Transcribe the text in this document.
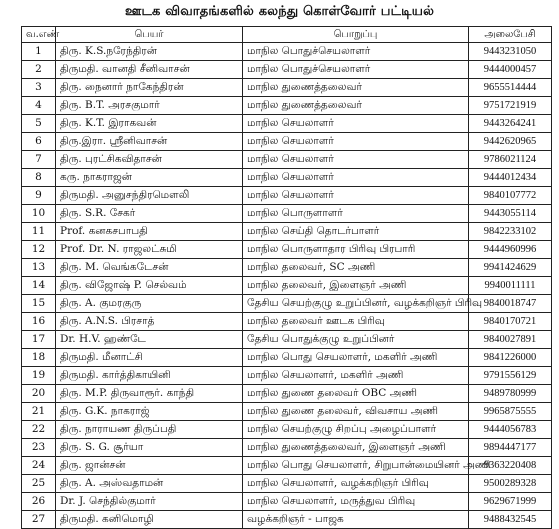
ஊடக விவாதங்களில் கலந்து கொள்வோர் பட்டியல்
வ.எண்	பெயர்	பொறுப்பு	அலைபேசி
1	திரு. K.S.நரேந்திரன்	மாநில பொதுச்செயலாளர்	9443231050
2	திருமதி. வானதி சீனிவாசன்	மாநில பொதுச்செயலாளர்	9444000457
3	திரு. நைனார் நாகேந்திரன்	மாநில துணைத்தலைவர்	9655514444
4	திரு. B.T. அரசகுமார்	மாநில துணைத்தலைவர்	9751721919
5	திரு. K.T. இராகவன்	மாநில செயலாளர்	9443264241
6	திரு.இரா. ஸ்ரீனிவாசன்	மாநில செயலாளர்	9442620965
7	திரு. புரட்சிகவிதாசன்	மாநில செயலாளர்	9786021124
8	கரு. நாகராஜன்	மாநில செயலாளர்	9444012434
9	திருமதி. அனுசந்திரமௌலி	மாநில செயலாளர்	9840107772
10	திரு. S.R. சேகர்	மாநில பொருளாளர்	9443055114
11	Prof. கனகசபாபதி	மாநில செய்தி தொடர்பாளர்	9842233102
12	Prof. Dr. N. ராஜலட்சுமி	மாநில பொருளாதார பிரிவு பிரபாரி	9444960996
13	திரு. M. வெங்கடேசன்	மாநில தலைவர், SC அணி	9941424629
14	திரு. விஜோஷ் P. செல்வம்	மாநில தலைவர், இளைஞர் அணி	9940011111
15	திரு. A. குமரகுரு	தேசிய செயற்குழு உறுப்பினர், வழக்கறிஞர் பிரிவு	9840018747
16	திரு. A.N.S. பிரசாத்	மாநில தலைவர் ஊடக பிரிவு	9840170721
17	Dr. H.V. ஹண்டே	தேசிய பொதுக்குழு உறுப்பினர்	9840027891
18	திருமதி. மீனாட்சி	மாநில பொது செயலாளர், மகளிர் அணி	9841226000
19	திருமதி. கார்த்திகாயினி	மாநில செயலாளர், மகளிர் அணி	9791556129
20	திரு. M.P. திருவாரூர். காந்தி	மாநில துணை தலைவர் OBC அணி	9489780999
21	திரு. G.K. நாகராஜ்	மாநில துணை தலைவர், விவசாய அணி	9965875555
22	திரு. நாராயண திருப்பதி	மாநில செயற்குழு சிறப்பு அழைப்பாளர்	9444056783
23	திரு. S. G. சூர்யா	மாநில துணைத்தலைவர், இளைஞர் அணி	9894447177
24	திரு. ஜான்சன்	மாநில பொது செயலாளர், சிறுபான்மையினர் அணி	9363220408
25	திரு. A. அஸ்வதாமன்	மாநில செயலாளர், வழக்கறிஞர் பிரிவு	9500289328
26	Dr. J. செந்தில்குமார்	மாநில செயலாளர், மருத்துவ பிரிவு	9629671999
27	திருமதி. கனிமொழி	வழக்கறிஞர் - பாஜக	9488432545
